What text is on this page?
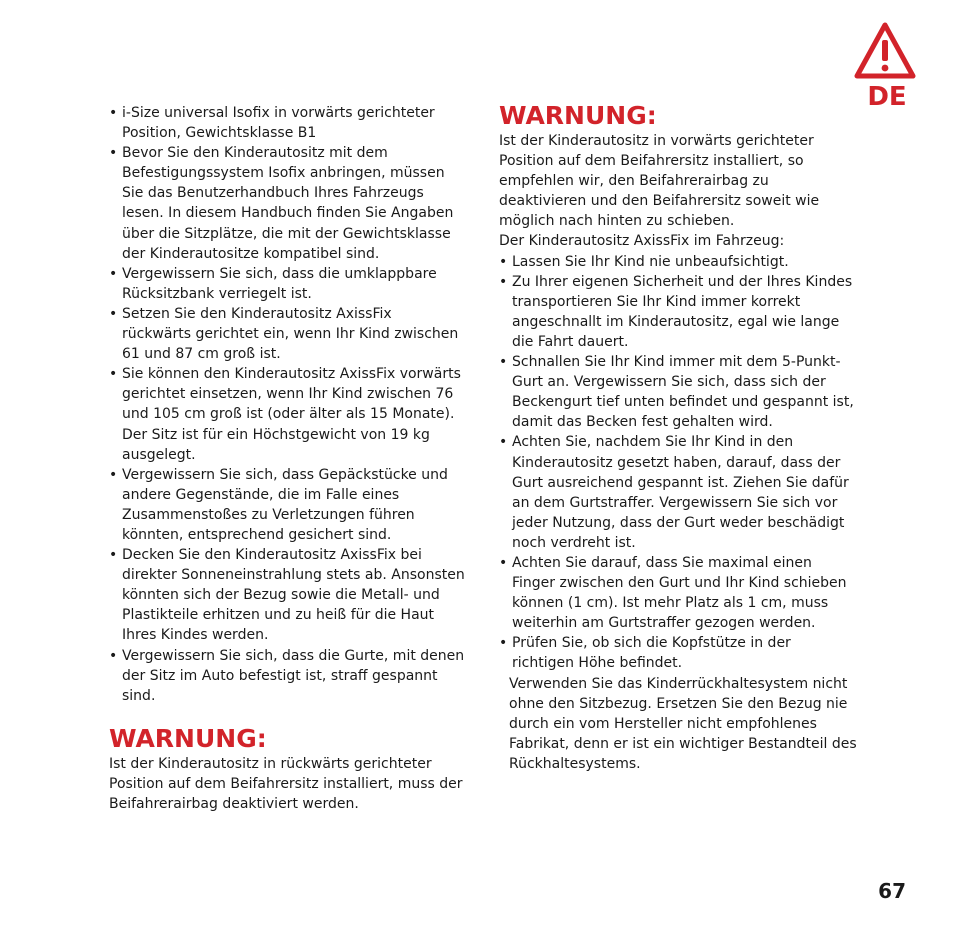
DE
• i-Size universal Isofix in vorwärts gerichteter Position, Gewichtsklasse B1
• Bevor Sie den Kinderautositz mit dem Befestigungssystem Isofix anbringen, müssen Sie das Benutzerhandbuch Ihres Fahrzeugs lesen. In diesem Handbuch finden Sie Angaben über die Sitzplätze, die mit der Gewichtsklasse der Kinderautositze kompatibel sind.
• Vergewissern Sie sich, dass die umklappbare Rücksitzbank verriegelt ist.
• Setzen Sie den Kinderautositz AxissFix rückwärts gerichtet ein, wenn Ihr Kind zwischen 61 und 87 cm groß ist.
• Sie können den Kinderautositz AxissFix vorwärts gerichtet einsetzen, wenn Ihr Kind zwischen 76 und 105 cm groß ist (oder älter als 15 Monate). Der Sitz ist für ein Höchstgewicht von 19 kg ausgelegt.
• Vergewissern Sie sich, dass Gepäckstücke und andere Gegenstände, die im Falle eines Zusammenstoßes zu Verletzungen führen könnten, entsprechend gesichert sind.
• Decken Sie den Kinderautositz AxissFix bei direkter Sonneneinstrahlung stets ab. Ansonsten könnten sich der Bezug sowie die Metall- und Plastikteile erhitzen und zu heiß für die Haut Ihres Kindes werden.
• Vergewissern Sie sich, dass die Gurte, mit denen der Sitz im Auto befestigt ist, straff gespannt sind.
WARNUNG:

Ist der Kinderautositz in rückwärts gerichteter Position auf dem Beifahrersitz installiert, muss der Beifahrerairbag deaktiviert werden.

WARNUNG:

Ist der Kinderautositz in vorwärts gerichteter Position auf dem Beifahrersitz installiert, so empfehlen wir, den Beifahrerairbag zu deaktivieren und den Beifahrersitz soweit wie möglich nach hinten zu schieben.

Der Kinderautositz AxissFix im Fahrzeug:

• Lassen Sie Ihr Kind nie unbeaufsichtigt.
• Zu Ihrer eigenen Sicherheit und der Ihres Kindes transportieren Sie Ihr Kind immer korrekt angeschnallt im Kinderautositz, egal wie lange die Fahrt dauert.
• Schnallen Sie Ihr Kind immer mit dem 5-Punkt-Gurt an. Vergewissern Sie sich, dass sich der Beckengurt tief unten befindet und gespannt ist, damit das Becken fest gehalten wird.
• Achten Sie, nachdem Sie Ihr Kind in den Kinderautositz gesetzt haben, darauf, dass der Gurt ausreichend gespannt ist. Ziehen Sie dafür an dem Gurtstraffer. Vergewissern Sie sich vor jeder Nutzung, dass der Gurt weder beschädigt noch verdreht ist.
• Achten Sie darauf, dass Sie maximal einen Finger zwischen den Gurt und Ihr Kind schieben können (1 cm). Ist mehr Platz als 1 cm, muss weiterhin am Gurtstraffer gezogen werden.
• Prüfen Sie, ob sich die Kopfstütze in der richtigen Höhe befindet.

Verwenden Sie das Kinderrückhaltesystem nicht ohne den Sitzbezug. Ersetzen Sie den Bezug nie durch ein vom Hersteller nicht empfohlenes Fabrikat, denn er ist ein wichtiger Bestandteil des Rückhaltesystems.

67
